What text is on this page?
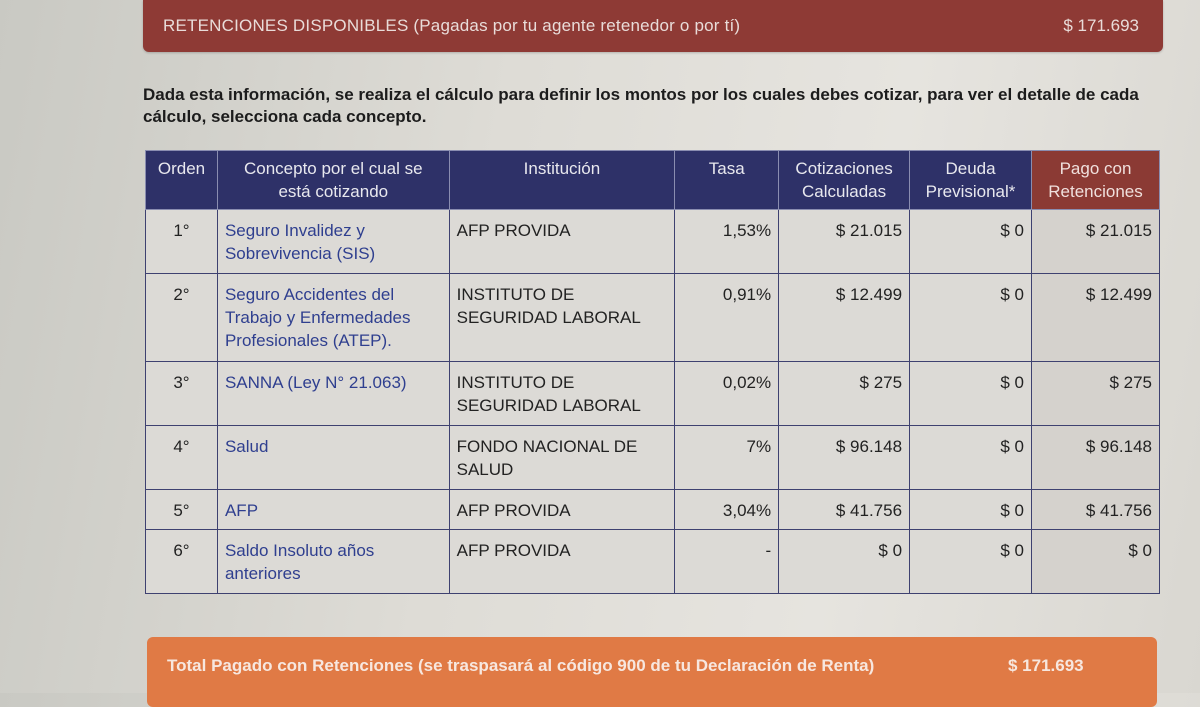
RETENCIONES DISPONIBLES (Pagadas por tu agente retenedor o por tí)	$ 171.693
Dada esta información, se realiza el cálculo para definir los montos por los cuales debes cotizar, para ver el detalle de cada cálculo, selecciona cada concepto.
Orden	Concepto por el cual se está cotizando	Institución	Tasa	Cotizaciones Calculadas	Deuda Previsional*	Pago con Retenciones
1°	Seguro Invalidez y Sobrevivencia (SIS)	AFP PROVIDA	1,53%	$ 21.015	$ 0	$ 21.015
2°	Seguro Accidentes del Trabajo y Enfermedades Profesionales (ATEP).	INSTITUTO DE SEGURIDAD LABORAL	0,91%	$ 12.499	$ 0	$ 12.499
3°	SANNA (Ley N° 21.063)	INSTITUTO DE SEGURIDAD LABORAL	0,02%	$ 275	$ 0	$ 275
4°	Salud	FONDO NACIONAL DE SALUD	7%	$ 96.148	$ 0	$ 96.148
5°	AFP	AFP PROVIDA	3,04%	$ 41.756	$ 0	$ 41.756
6°	Saldo Insoluto años anteriores	AFP PROVIDA	-	$ 0	$ 0	$ 0
Total Pagado con Retenciones (se traspasará al código 900 de tu Declaración de Renta)	$ 171.693
